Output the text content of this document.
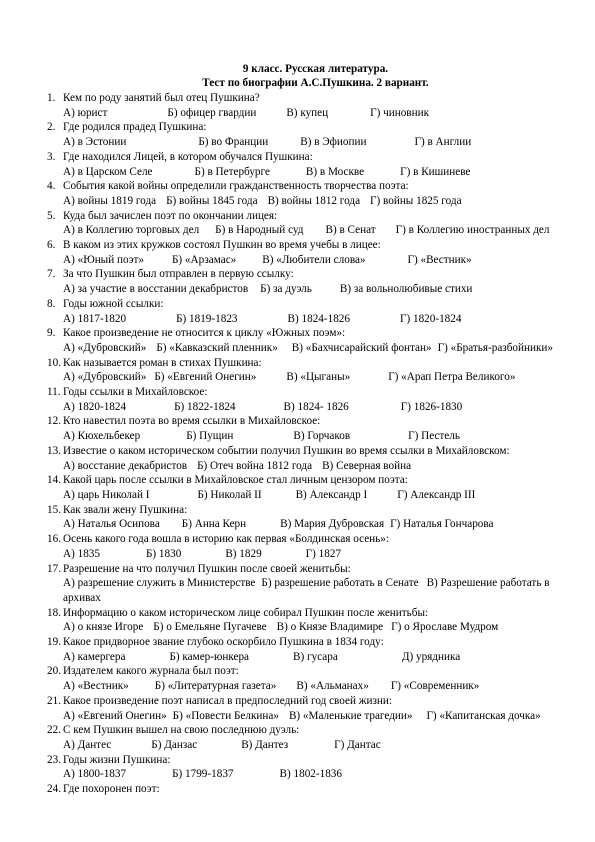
9 класс. Русская литература.
Тест по биографии А.С.Пушкина. 2 вариант.
1. Кем по роду занятий был отец Пушкина?
А) юрист	Б) офицер гвардии	В) купец	Г) чиновник
2. Где родился прадед Пушкина:
А) в Эстонии	Б) во Франции	В) в Эфиопии	Г) в Англии
3. Где находился Лицей, в котором обучался Пушкина:
А) в Царском Селе	Б) в Петербурге	В) в Москве	Г) в Кишиневе
4. События какой войны определили гражданственность творчества поэта:
А) войны 1819 года Б) войны 1845 года В) войны 1812 года Г) войны 1825 года
5. Куда был зачислен поэт по окончании лицея:
А) в Коллегию торговых дел Б) в Народный суд В) в Сенат Г) в Коллегию иностранных дел
6. В каком из этих кружков состоял Пушкин во время учебы в лицее:
А) «Юный поэт»	Б) «Арзамас» В) «Любители слова»	Г) «Вестник»
7. За что Пушкин был отправлен в первую ссылку:
А) за участие в восстании декабристов Б) за дуэль	В) за вольнолюбивые стихи
8. Годы южной ссылки:
А) 1817-1820	Б) 1819-1823	В) 1824-1826	Г) 1820-1824
9. Какое произведение не относится к циклу «Южных поэм»:
А) «Дубровский» Б) «Кавказский пленник» В) «Бахчисарайский фонтан» Г) «Братья-разбойники»
10. Как называется роман в стихах Пушкина:
А) «Дубровский» Б) «Евгений Онегин»	В) «Цыганы»	Г) «Арап Петра Великого»
11. Годы ссылки в Михайловское:
А) 1820-1824	Б) 1822-1824	В) 1824- 1826	Г) 1826-1830
12. Кто навестил поэта во время ссылки в Михайловское:
А) Кюхельбекер	Б) Пущин	В) Горчаков	Г) Пестель
13. Известие о каком историческом событии получил Пушкин во время ссылки в Михайловском:
А) восстание декабристов Б) Отеч война 1812 года В) Северная война
14. Какой царь после ссылки в Михайловское стал личным цензором поэта:
А) царь Николай I	Б) Николай II	В) Александр I	Г) Александр III
15. Как звали жену Пушкина:
А) Наталья Осипова Б) Анна Керн	В) Мария Дубровская Г) Наталья Гончарова
16. Осень какого года вошла в историю как первая «Болдинская осень»:
А) 1835	Б) 1830	В) 1829	Г) 1827
17. Разрешение на что получил Пушкин после своей женитьбы:
А) разрешение служить в Министерстве Б) разрешение работать в Сенате В) Разрешение работать в архивах
18. Информацию о каком историческом лице собирал Пушкин после женитьбы:
А) о князе Игоре Б) о Емельяне Пугачеве В) о Князе Владимире Г) о Ярославе Мудром
19. Какое придворное звание глубоко оскорбило Пушкина в 1834 году:
А) камергера	Б) камер-юнкера	В) гусара	Д) урядника
20. Издателем какого журнала был поэт:
А) «Вестник» Б) «Литературная газета» В) «Альманах» Г) «Современник»
21. Какое произведение поэт написал в предпоследний год своей жизни:
А) «Евгений Онегин» Б) «Повести Белкина» В) «Маленькие трагедии» Г) «Капитанская дочка»
22. С кем Пушкин вышел на свою последнюю дуэль:
А) Дантес	Б) Данзас	В) Дантез	Г) Дантас
23. Годы жизни Пушкина:
А) 1800-1837	Б) 1799-1837	В) 1802-1836
24. Где похоронен поэт:
